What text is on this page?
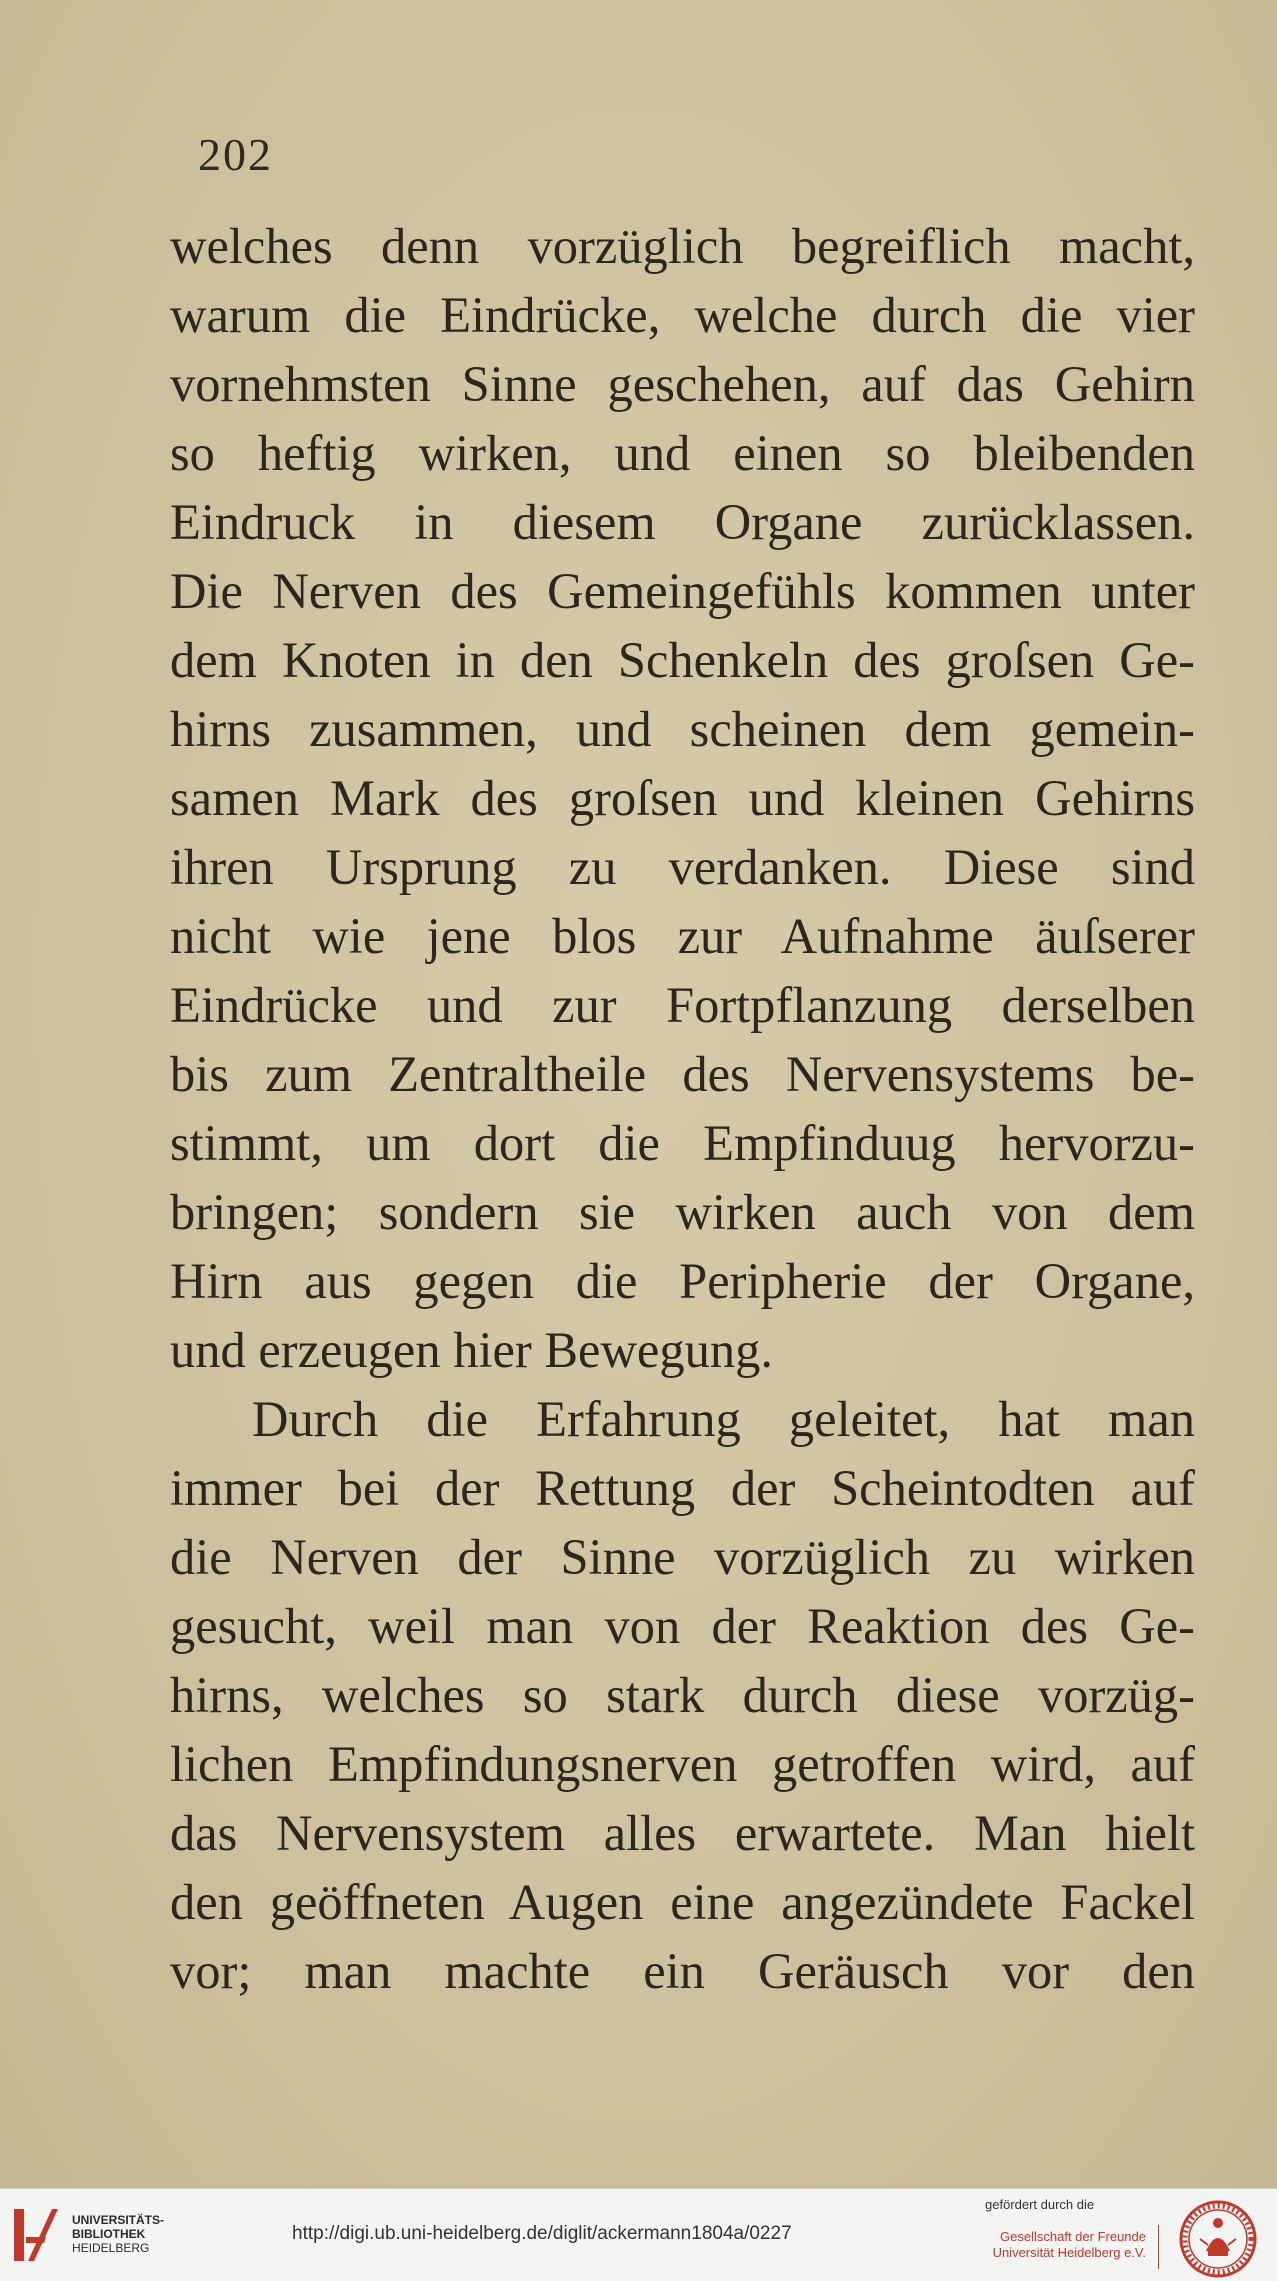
202
welches denn vorzüglich begreiflich macht,
warum die Eindrücke, welche durch die vier
vornehmsten Sinne geschehen, auf das Gehirn
so heftig wirken, und einen so bleibenden
Eindruck in diesem Organe zurücklassen.
Die Nerven des Gemeingefühls kommen unter
dem Knoten in den Schenkeln des groſsen Ge-
hirns zusammen, und scheinen dem gemein-
samen Mark des groſsen und kleinen Gehirns
ihren Ursprung zu verdanken. Diese sind
nicht wie jene blos zur Aufnahme äuſserer
Eindrücke und zur Fortpflanzung derselben
bis zum Zentraltheile des Nervensystems be-
stimmt, um dort die Empfinduug hervorzu-
bringen; sondern sie wirken auch von dem
Hirn aus gegen die Peripherie der Organe,
und erzeugen hier Bewegung.
Durch die Erfahrung geleitet, hat man
immer bei der Rettung der Scheintodten auf
die Nerven der Sinne vorzüglich zu wirken
gesucht, weil man von der Reaktion des Ge-
hirns, welches so stark durch diese vorzüg-
lichen Empfindungsnerven getroffen wird, auf
das Nervensystem alles erwartete. Man hielt
den geöffneten Augen eine angezündete Fackel
vor; man machte ein Geräusch vor den
UNIVERSITÄTS-
BIBLIOTHEK
HEIDELBERG
http://digi.ub.uni-heidelberg.de/diglit/ackermann1804a/0227
gefördert durch die
Gesellschaft der Freunde
Universität Heidelberg e.V.
